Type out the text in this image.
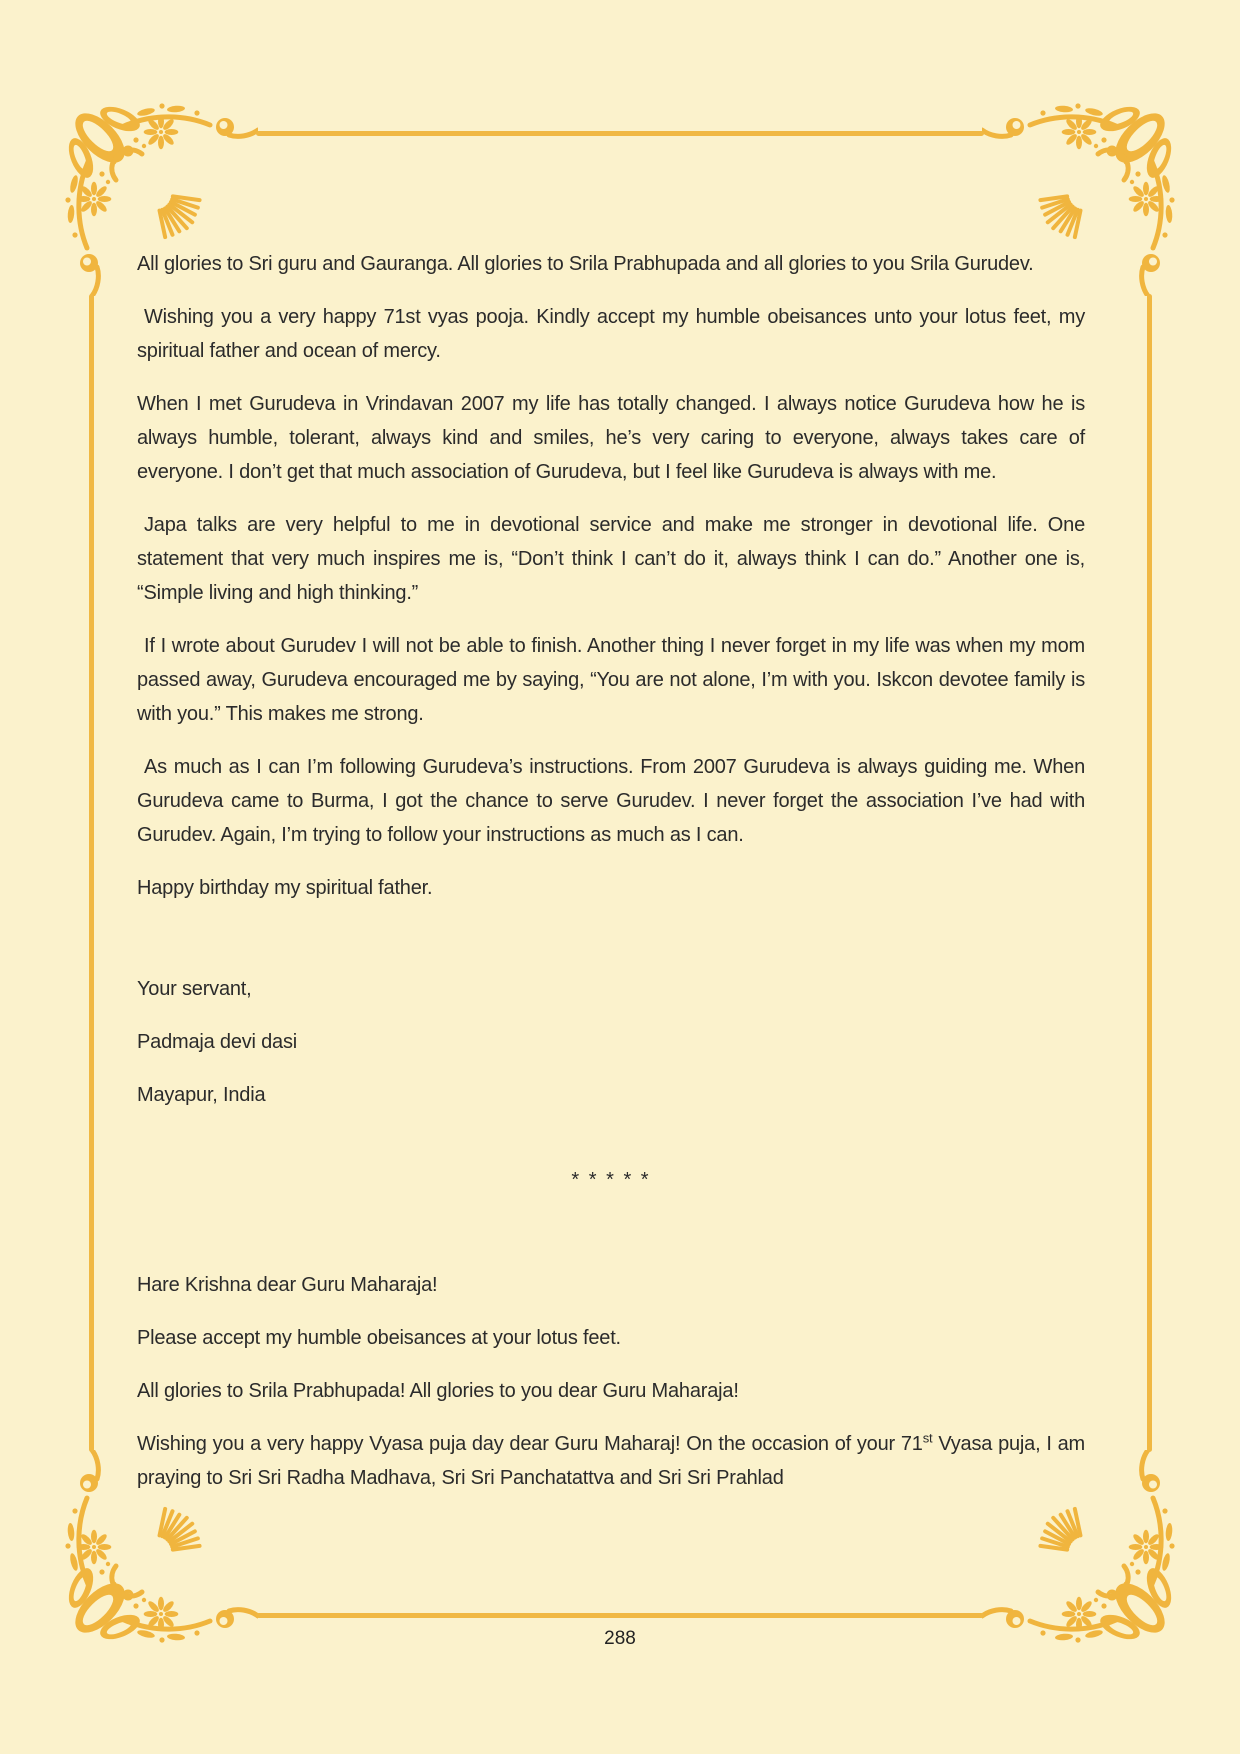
All glories to Sri guru and Gauranga. All glories to Srila Prabhupada and all glories to you Srila Gurudev.

Wishing you a very happy 71st vyas pooja. Kindly accept my humble obeisances unto your lotus feet, my spiritual father and ocean of mercy.

When I met Gurudeva in Vrindavan 2007 my life has totally changed. I always notice Gurudeva how he is always humble, tolerant, always kind and smiles, he’s very caring to everyone, always takes care of everyone. I don’t get that much association of Gurudeva, but I feel like Gurudeva is always with me.

Japa talks are very helpful to me in devotional service and make me stronger in devotional life. One statement that very much inspires me is, “Don’t think I can’t do it, always think I can do.” Another one is, “Simple living and high thinking.”

If I wrote about Gurudev I will not be able to finish. Another thing I never forget in my life was when my mom passed away, Gurudeva encouraged me by saying, “You are not alone, I’m with you. Iskcon devotee family is with you.” This makes me strong.

As much as I can I’m following Gurudeva’s instructions. From 2007 Gurudeva is always guiding me. When Gurudeva came to Burma, I got the chance to serve Gurudev. I never forget the association I’ve had with Gurudev. Again, I’m trying to follow your instructions as much as I can.

Happy birthday my spiritual father.

Your servant,

Padmaja devi dasi

Mayapur, India

* * * * *

Hare Krishna dear Guru Maharaja!

Please accept my humble obeisances at your lotus feet.

All glories to Srila Prabhupada! All glories to you dear Guru Maharaja!

Wishing you a very happy Vyasa puja day dear Guru Maharaj! On the occasion of your 71st Vyasa puja, I am praying to Sri Sri Radha Madhava, Sri Sri Panchatattva and Sri Sri Prahlad

288
